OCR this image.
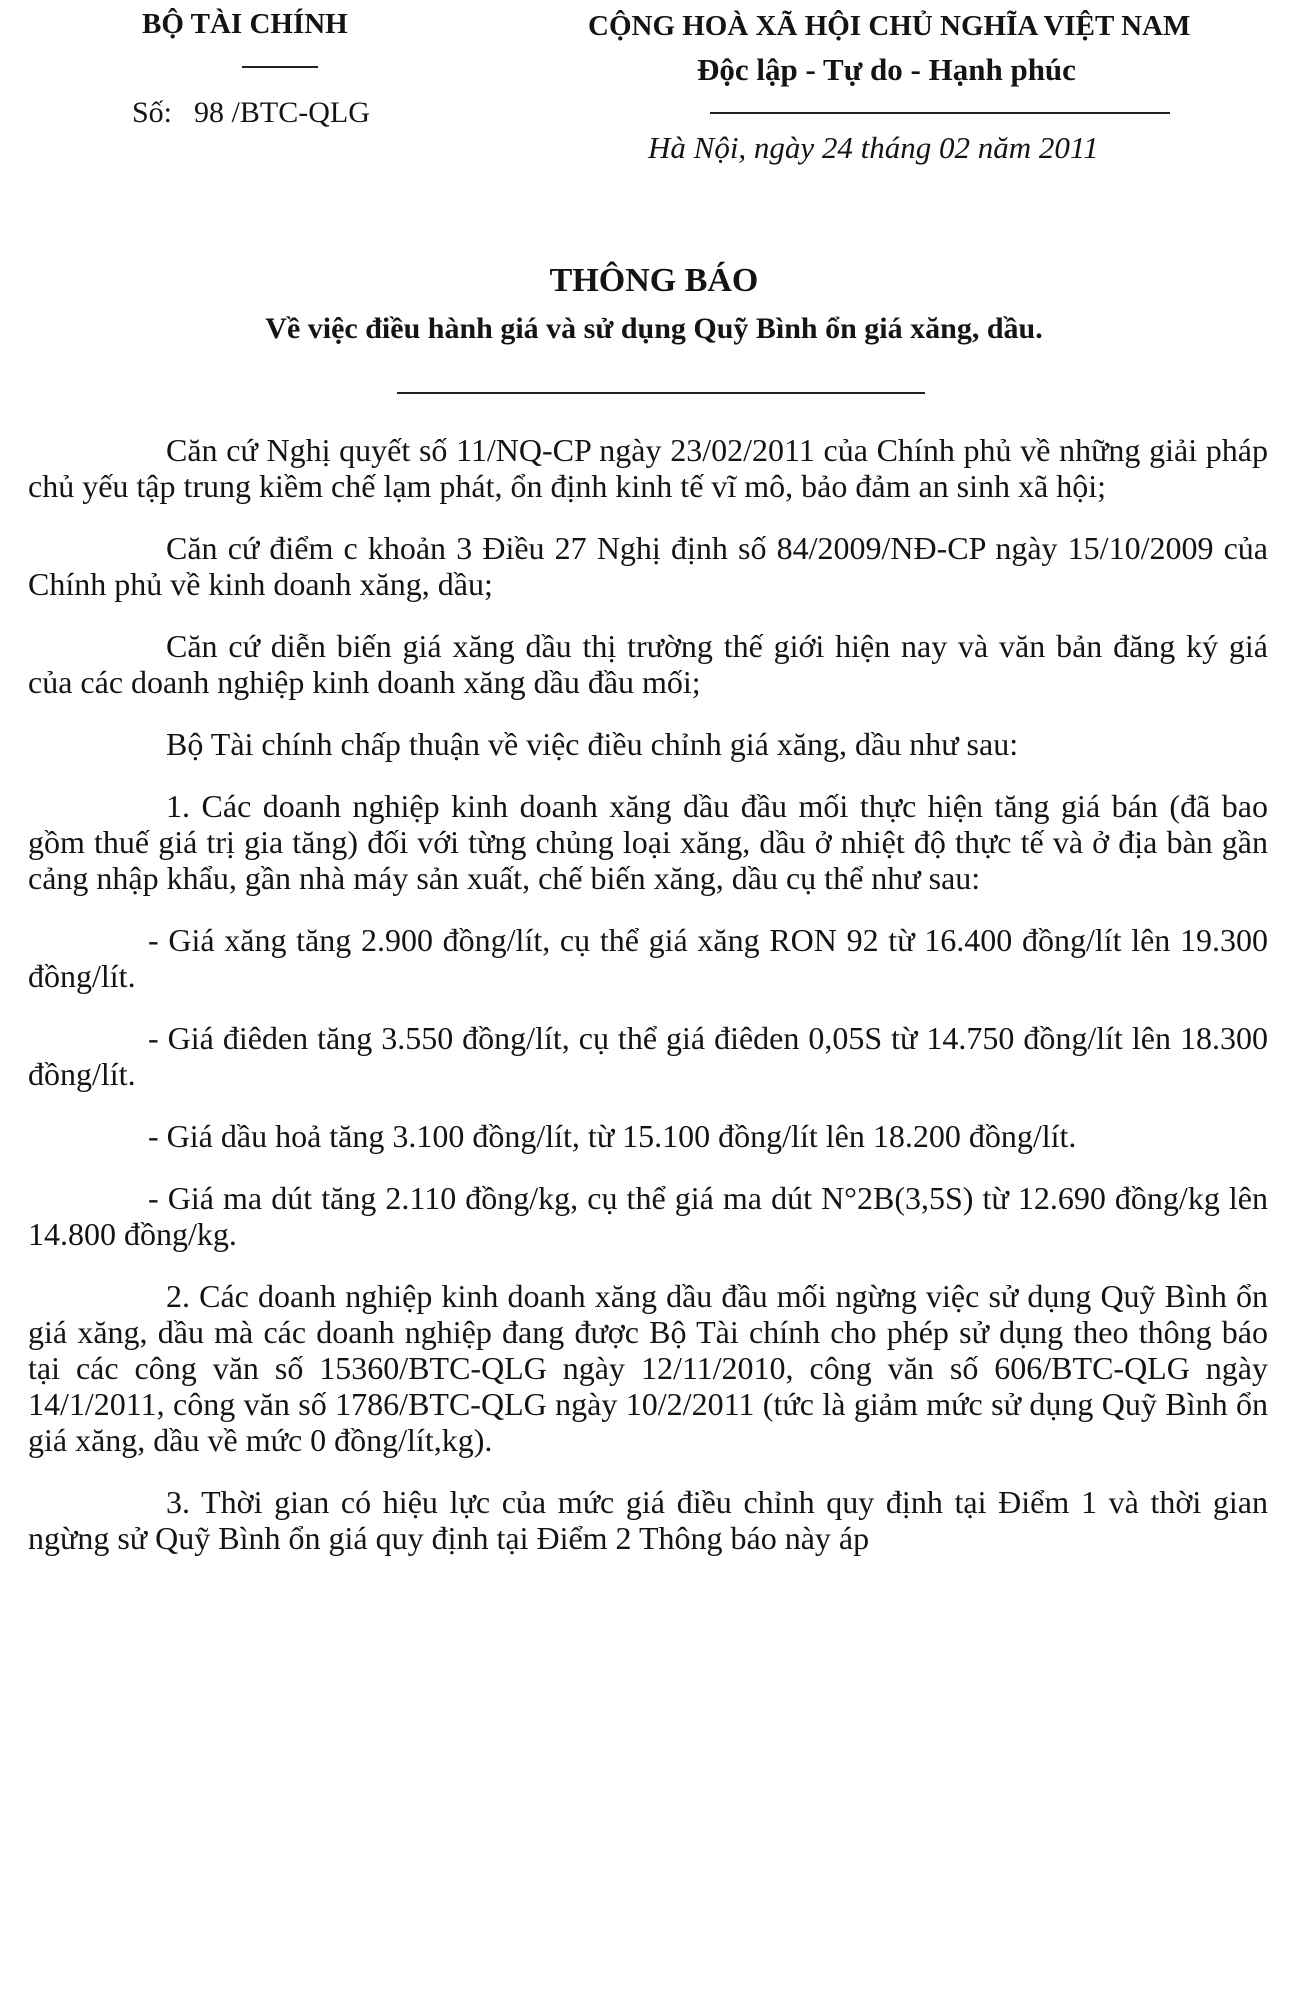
BỘ TÀI CHÍNH
Số: 98 /BTC-QLG
CỘNG HOÀ XÃ HỘI CHỦ NGHĨA VIỆT NAM
Độc lập - Tự do - Hạnh phúc
Hà Nội, ngày 24 tháng 02 năm 2011
THÔNG BÁO
Về việc điều hành giá và sử dụng Quỹ Bình ổn giá xăng, dầu.

Căn cứ Nghị quyết số 11/NQ-CP ngày 23/02/2011 của Chính phủ về những giải pháp chủ yếu tập trung kiềm chế lạm phát, ổn định kinh tế vĩ mô, bảo đảm an sinh xã hội;

Căn cứ điểm c khoản 3 Điều 27 Nghị định số 84/2009/NĐ-CP ngày 15/10/2009 của Chính phủ về kinh doanh xăng, dầu;

Căn cứ diễn biến giá xăng dầu thị trường thế giới hiện nay và văn bản đăng ký giá của các doanh nghiệp kinh doanh xăng dầu đầu mối;

Bộ Tài chính chấp thuận về việc điều chỉnh giá xăng, dầu như sau:

1. Các doanh nghiệp kinh doanh xăng dầu đầu mối thực hiện tăng giá bán (đã bao gồm thuế giá trị gia tăng) đối với từng chủng loại xăng, dầu ở nhiệt độ thực tế và ở địa bàn gần cảng nhập khẩu, gần nhà máy sản xuất, chế biến xăng, dầu cụ thể như sau:

- Giá xăng tăng 2.900 đồng/lít, cụ thể giá xăng RON 92 từ 16.400 đồng/lít lên 19.300 đồng/lít.

- Giá điêden tăng 3.550 đồng/lít, cụ thể giá điêden 0,05S từ 14.750 đồng/lít lên 18.300 đồng/lít.

- Giá dầu hoả tăng 3.100 đồng/lít, từ 15.100 đồng/lít lên 18.200 đồng/lít.

- Giá ma dút tăng 2.110 đồng/kg, cụ thể giá ma dút N°2B(3,5S) từ 12.690 đồng/kg lên 14.800 đồng/kg.

2. Các doanh nghiệp kinh doanh xăng dầu đầu mối ngừng việc sử dụng Quỹ Bình ổn giá xăng, dầu mà các doanh nghiệp đang được Bộ Tài chính cho phép sử dụng theo thông báo tại các công văn số 15360/BTC-QLG ngày 12/11/2010, công văn số 606/BTC-QLG ngày 14/1/2011, công văn số 1786/BTC-QLG ngày 10/2/2011 (tức là giảm mức sử dụng Quỹ Bình ổn giá xăng, dầu về mức 0 đồng/lít,kg).

3. Thời gian có hiệu lực của mức giá điều chỉnh quy định tại Điểm 1 và thời gian ngừng sử Quỹ Bình ổn giá quy định tại Điểm 2 Thông báo này áp
